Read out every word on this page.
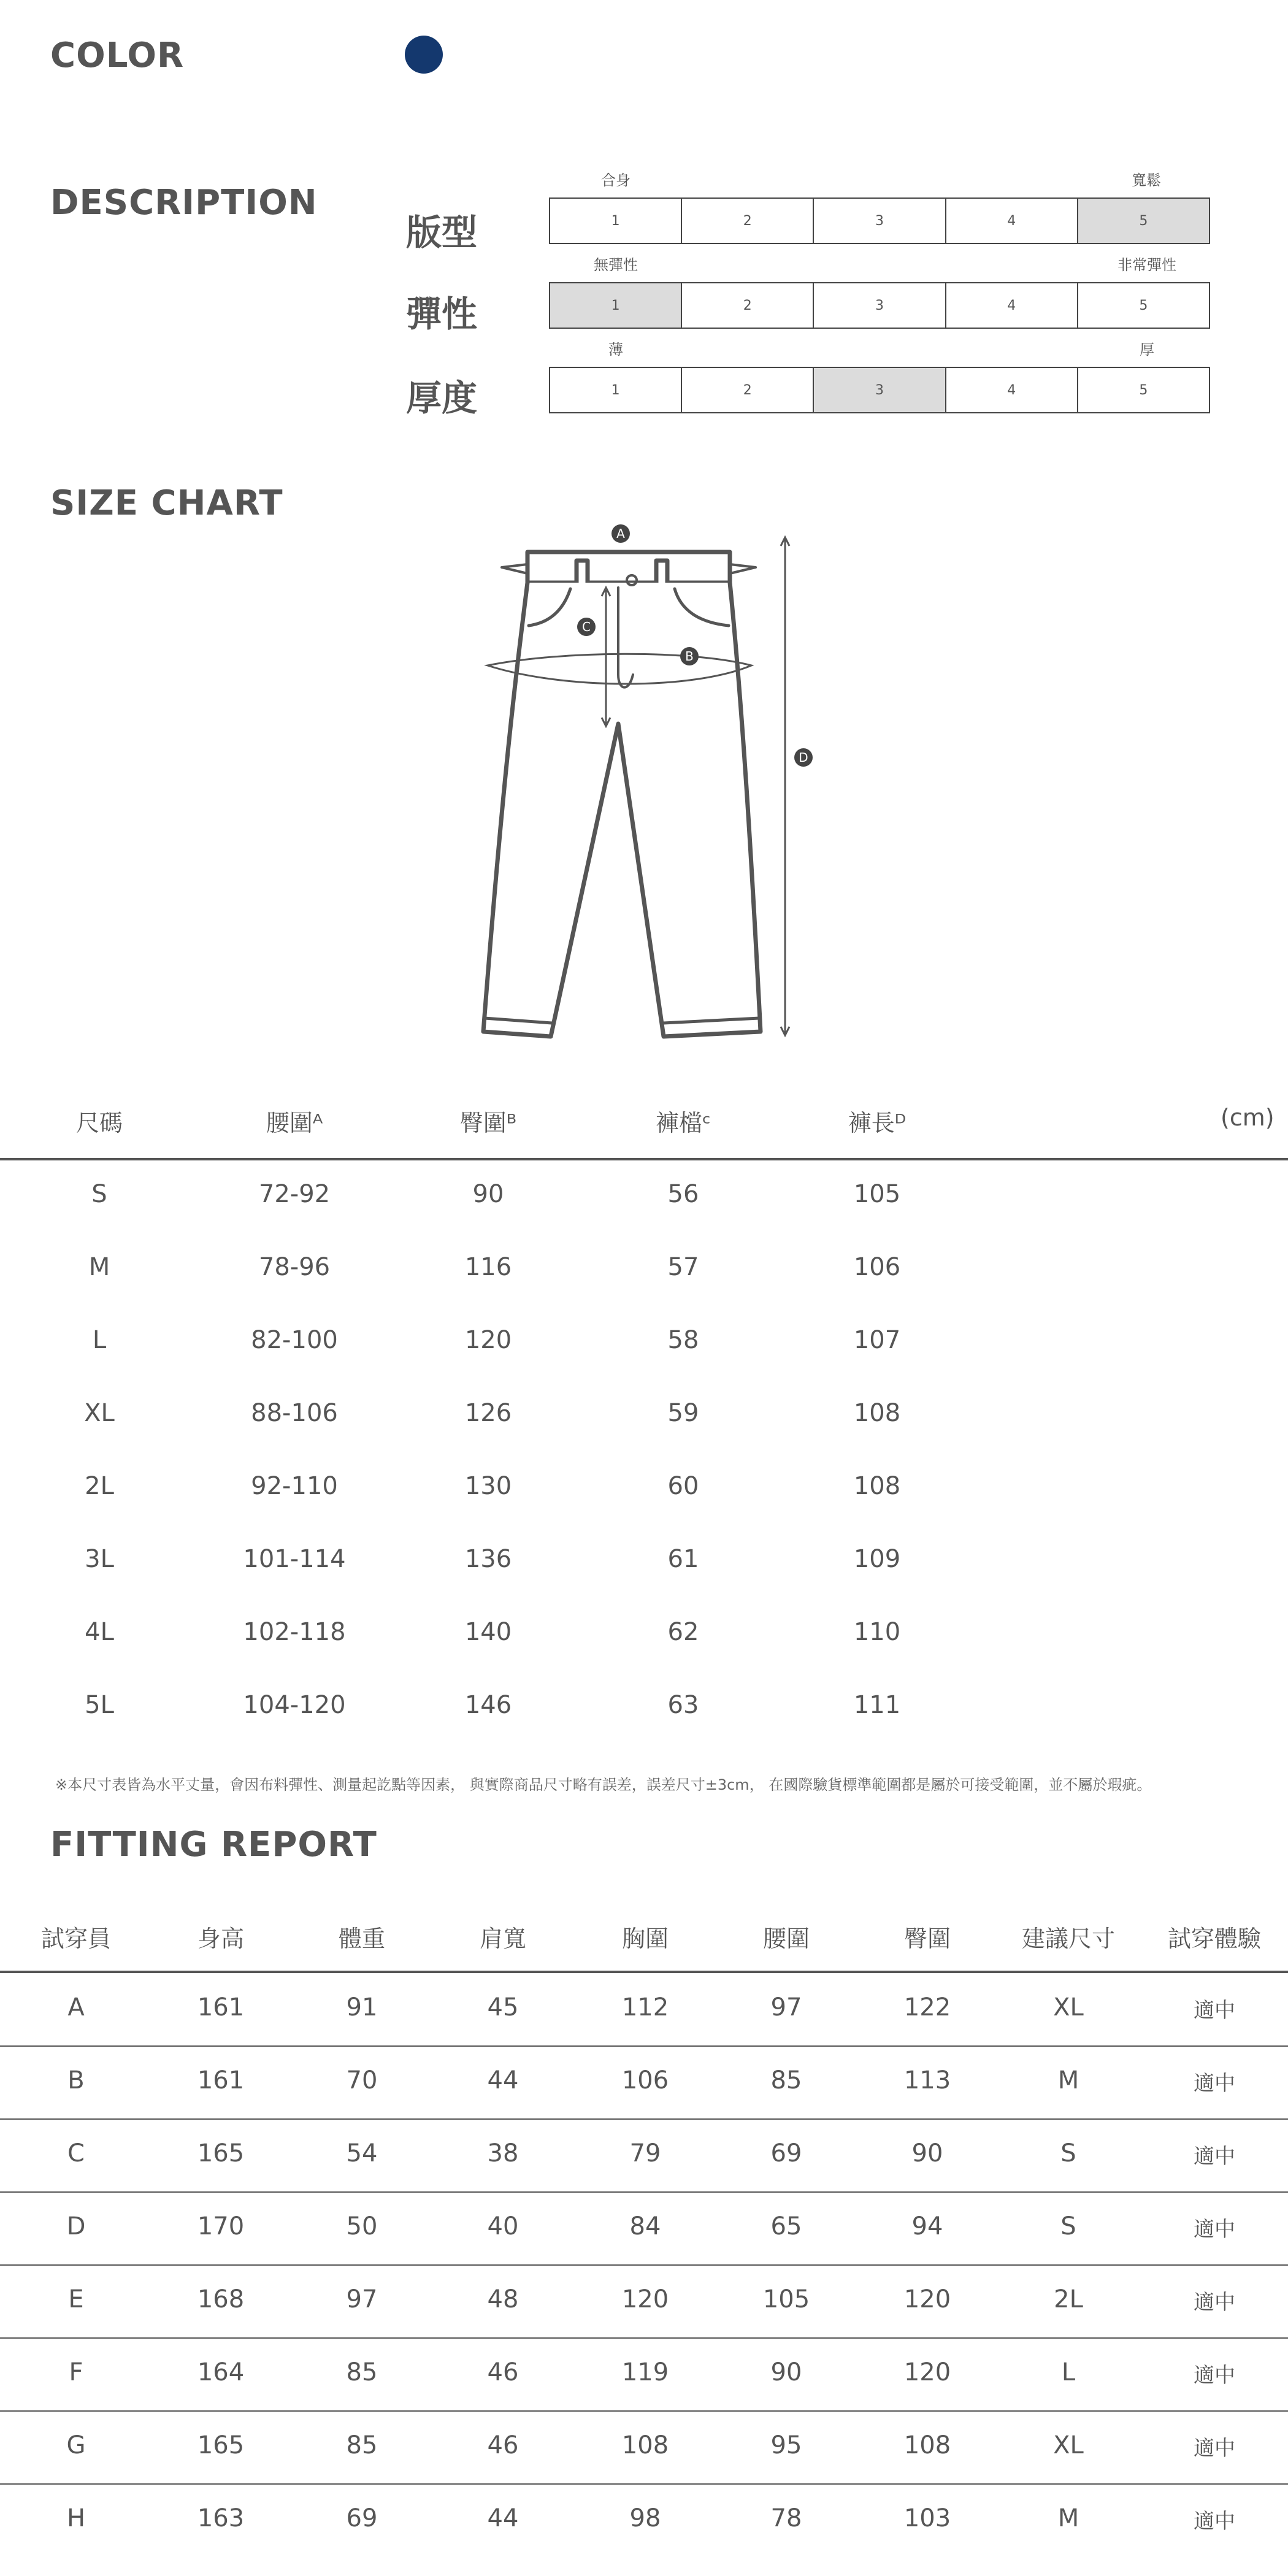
COLOR
DESCRIPTION
合身	寬鬆
版型	1	2	3	4	5
無彈性	非常彈性
彈性	1	2	3	4	5
薄	厚
厚度	1	2	3	4	5
SIZE CHART
A
B
C
D
尺碼	腰圍ᴬ	臀圍ᴮ	褲檔ᶜ	褲長ᴰ	(cm)
S	72-92	90	56	105
M	78-96	116	57	106
L	82-100	120	58	107
XL	88-106	126	59	108
2L	92-110	130	60	108
3L	101-114	136	61	109
4L	102-118	140	62	110
5L	104-120	146	63	111
※本尺寸表皆為水平丈量，會因布料彈性、測量起訖點等因素， 與實際商品尺寸略有誤差，誤差尺寸±3cm， 在國際驗貨標準範圍都是屬於可接受範圍，並不屬於瑕疵。
FITTING REPORT
試穿員	身高	體重	肩寬	胸圍	腰圍	臀圍	建議尺寸	試穿體驗
A	161	91	45	112	97	122	XL	適中
B	161	70	44	106	85	113	M	適中
C	165	54	38	79	69	90	S	適中
D	170	50	40	84	65	94	S	適中
E	168	97	48	120	105	120	2L	適中
F	164	85	46	119	90	120	L	適中
G	165	85	46	108	95	108	XL	適中
H	163	69	44	98	78	103	M	適中
